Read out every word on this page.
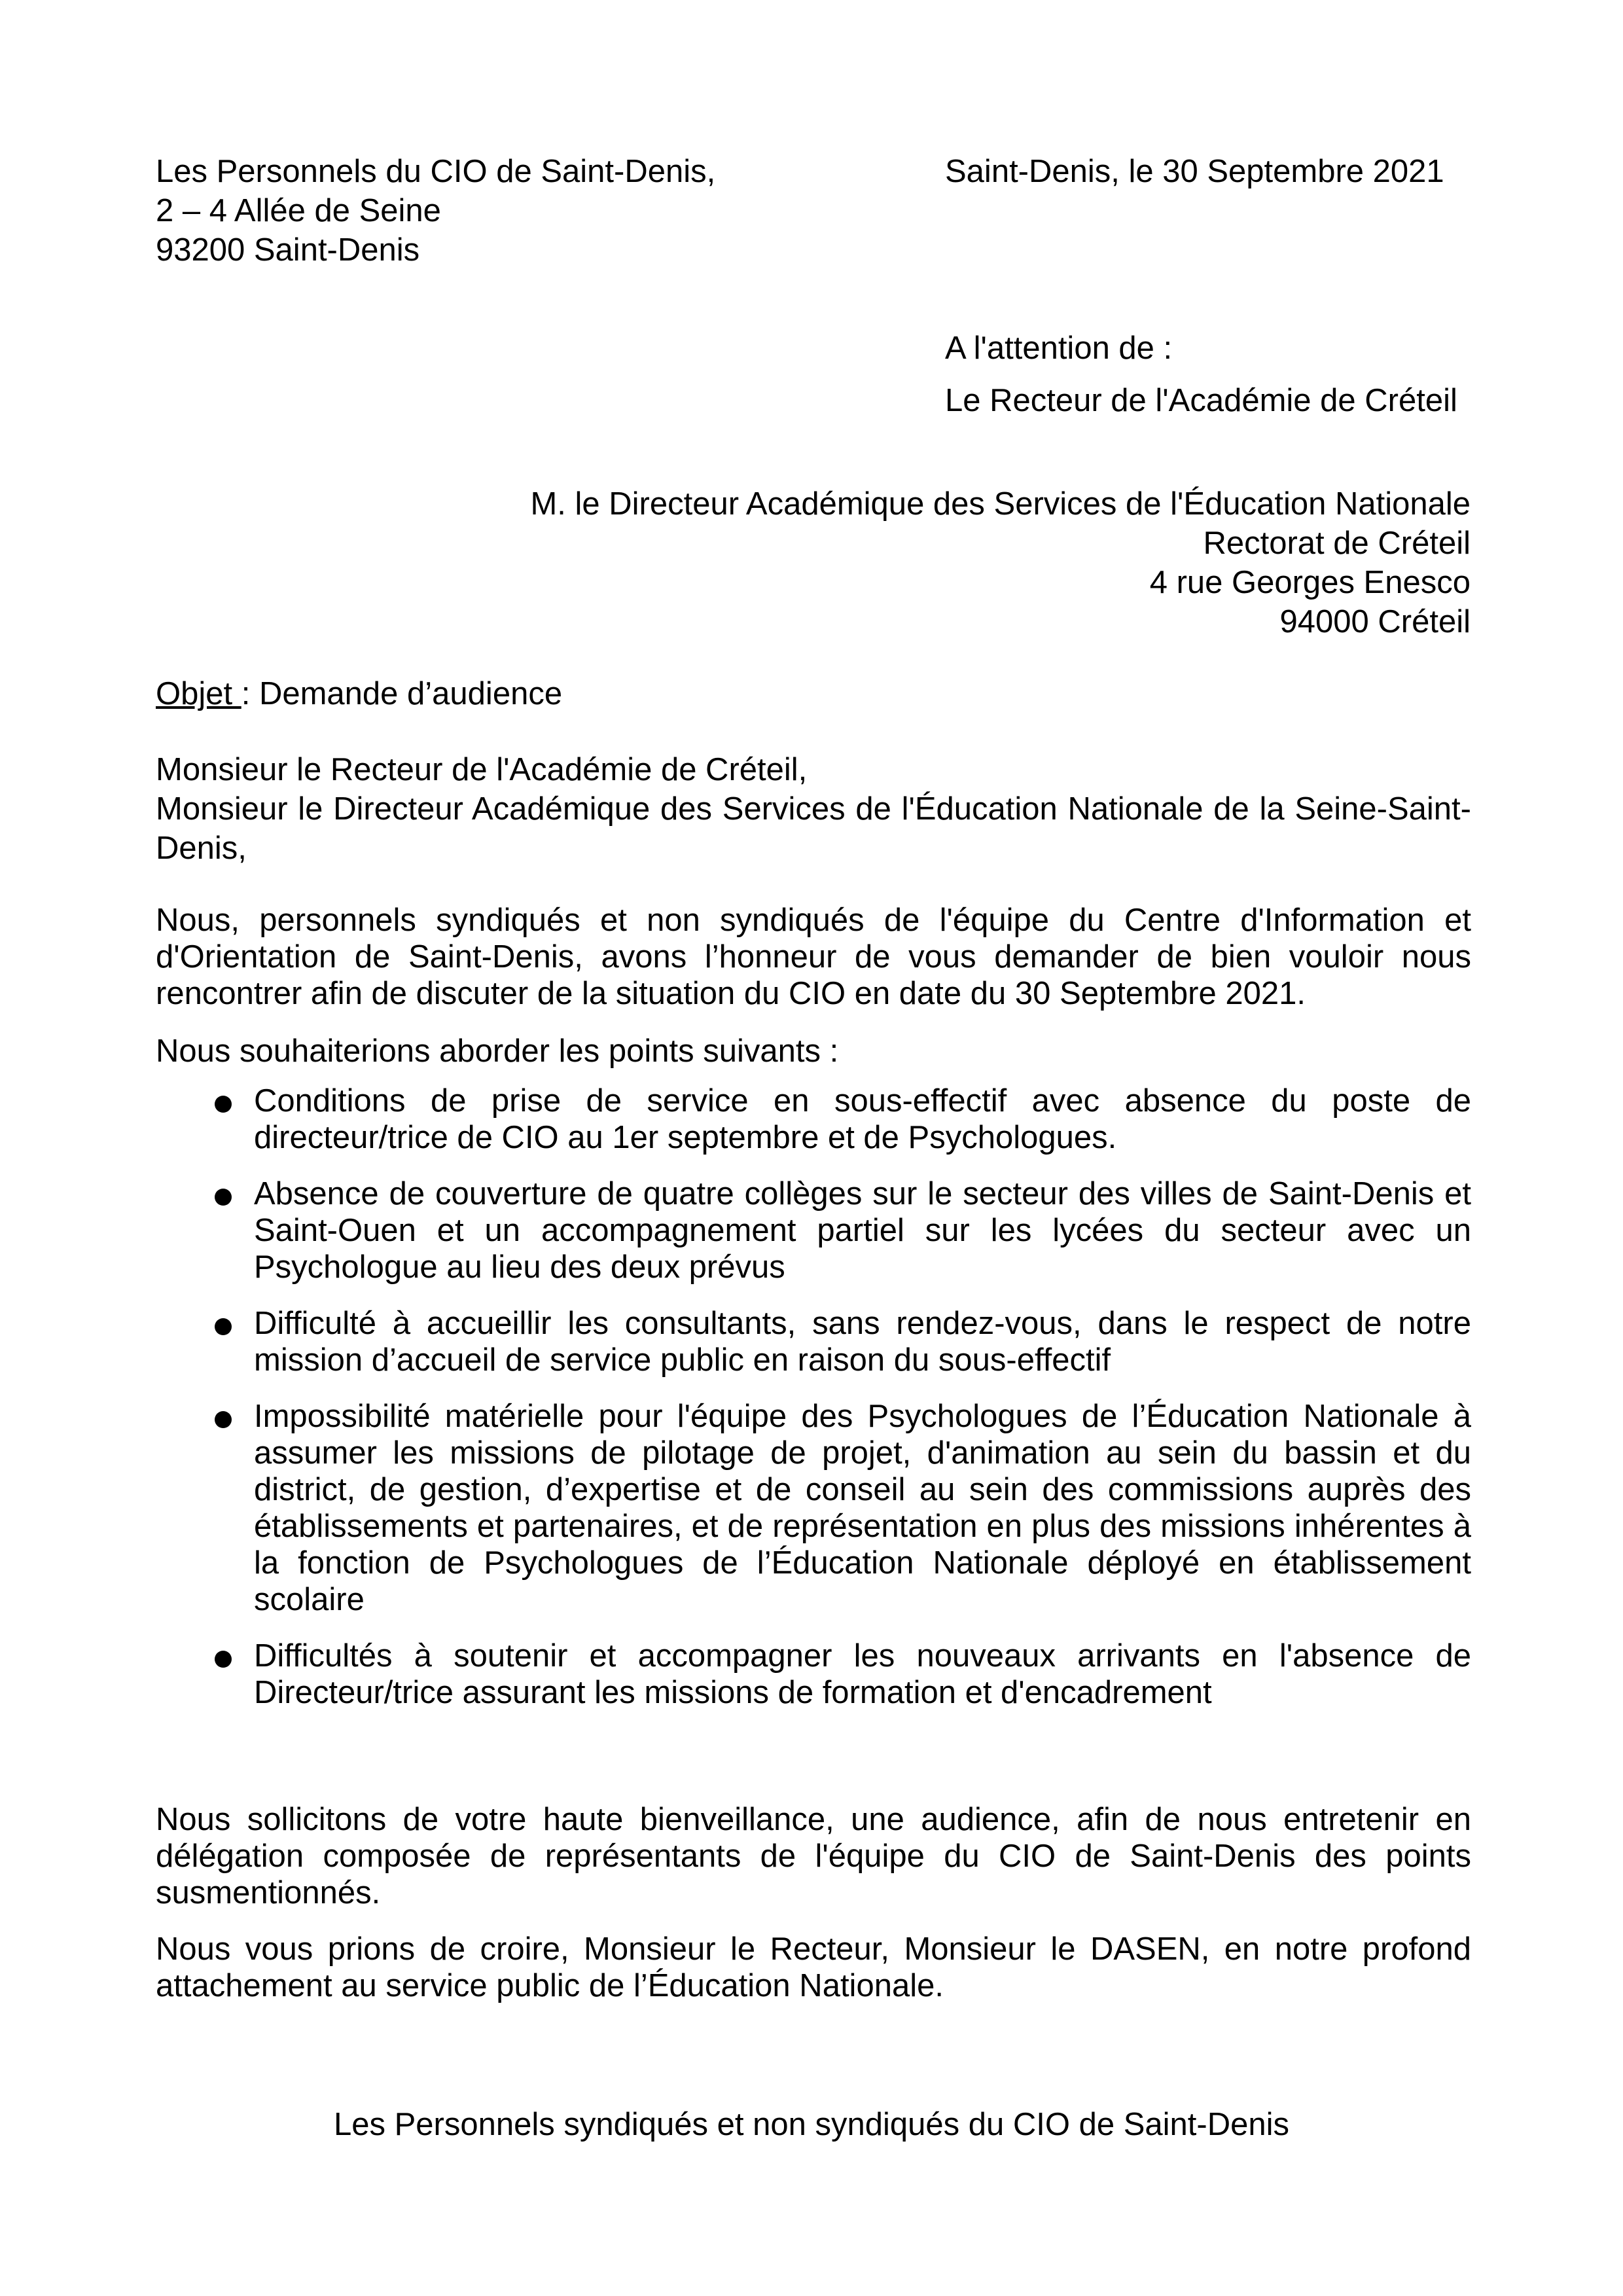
Les Personnels du CIO de Saint-Denis,
2 – 4 Allée de Seine
93200 Saint-Denis
Saint-Denis, le 30 Septembre 2021
A l'attention de :
Le Recteur de l'Académie de Créteil
M. le Directeur Académique des Services de l'Éducation Nationale
Rectorat de Créteil
4 rue Georges Enesco
94000 Créteil
Objet : Demande d’audience
Monsieur le Recteur de l'Académie de Créteil,
Monsieur le Directeur Académique des Services de l'Éducation Nationale de la Seine-Saint-Denis,
Nous, personnels syndiqués et non syndiqués de l'équipe du Centre d'Information et d'Orientation de Saint-Denis, avons l’honneur de vous demander de bien vouloir nous rencontrer afin de discuter de la situation du CIO en date du 30 Septembre 2021.
Nous souhaiterions aborder les points suivants :
Conditions de prise de service en sous-effectif avec absence du poste de directeur/trice de CIO au 1er septembre et de Psychologues.
Absence de couverture de quatre collèges sur le secteur des villes de Saint-Denis et Saint-Ouen et un accompagnement partiel sur les lycées du secteur avec un Psychologue au lieu des deux prévus
Difficulté à accueillir les consultants, sans rendez-vous, dans le respect de notre mission d’accueil de service public en raison du sous-effectif
Impossibilité matérielle pour l'équipe des Psychologues de l’Éducation Nationale à assumer les missions de pilotage de projet, d'animation au sein du bassin et du district, de gestion, d’expertise et de conseil au sein des commissions auprès des établissements et partenaires, et de représentation en plus des missions inhérentes à la fonction de Psychologues de l’Éducation Nationale déployé en établissement scolaire
Difficultés à soutenir et accompagner les nouveaux arrivants en l'absence de Directeur/trice assurant les missions de formation et d'encadrement
Nous sollicitons de votre haute bienveillance, une audience, afin de nous entretenir en délégation composée de représentants de l'équipe du CIO de Saint-Denis des points susmentionnés.
Nous vous prions de croire, Monsieur le Recteur, Monsieur le DASEN, en notre profond attachement au service public de l’Éducation Nationale.
Les Personnels syndiqués et non syndiqués du CIO de Saint-Denis
